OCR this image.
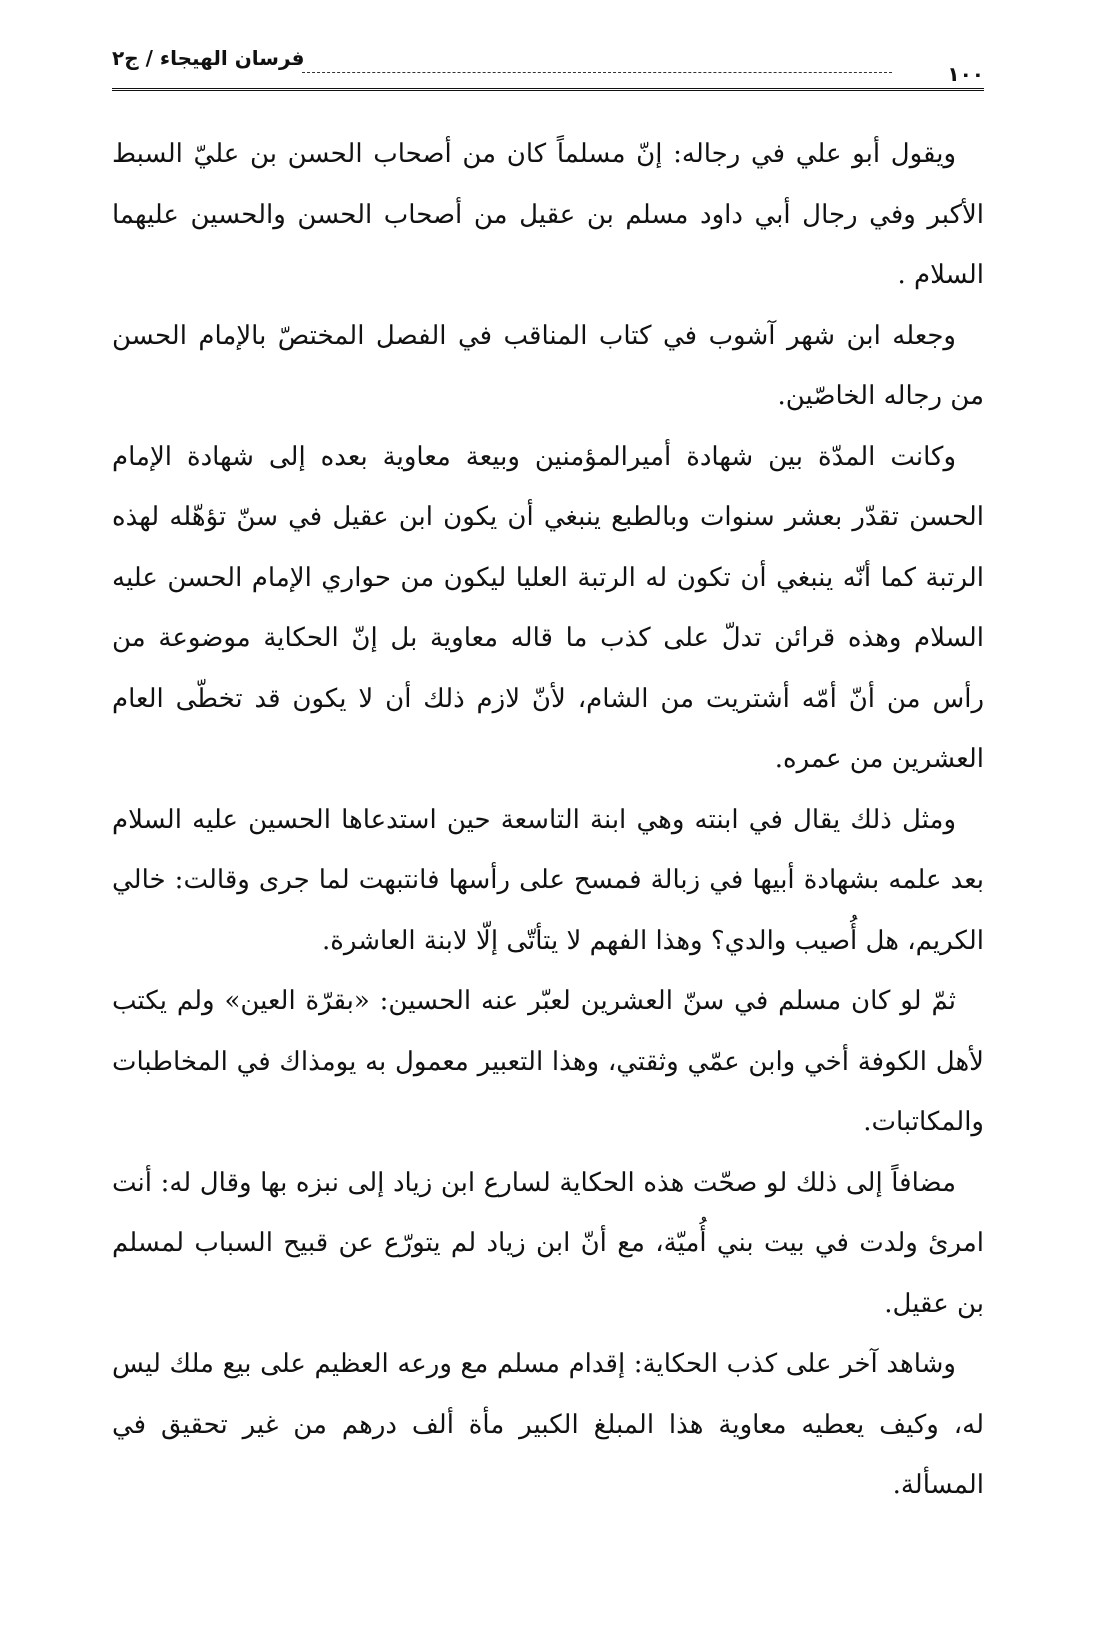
فرسان الهيجاء / ج٢
١٠٠

ويقول أبو علي في رجاله: إنّ مسلماً كان من أصحاب الحسن بن عليّ السبط الأكبر وفي رجال أبي داود مسلم بن عقيل من أصحاب الحسن والحسين عليهما السلام .

وجعله ابن شهر آشوب في كتاب المناقب في الفصل المختصّ بالإمام الحسن من رجاله الخاصّين.

وكانت المدّة بين شهادة أميرالمؤمنين وبيعة معاوية بعده إلى شهادة الإمام الحسن تقدّر بعشر سنوات وبالطبع ينبغي أن يكون ابن عقيل في سنّ تؤهّله لهذه الرتبة كما أنّه ينبغي أن تكون له الرتبة العليا ليكون من حواري الإمام الحسن عليه السلام وهذه قرائن تدلّ على كذب ما قاله معاوية بل إنّ الحكاية موضوعة من رأس من أنّ أمّه أشتريت من الشام، لأنّ لازم ذلك أن لا يكون قد تخطّى العام العشرين من عمره.

ومثل ذلك يقال في ابنته وهي ابنة التاسعة حين استدعاها الحسين عليه السلام بعد علمه بشهادة أبيها في زبالة فمسح على رأسها فانتبهت لما جرى وقالت: خالي الكريم، هل أُصيب والدي؟ وهذا الفهم لا يتأتّى إلّا لابنة العاشرة.

ثمّ لو كان مسلم في سنّ العشرين لعبّر عنه الحسين: «بقرّة العين» ولم يكتب لأهل الكوفة أخي وابن عمّي وثقتي، وهذا التعبير معمول به يومذاك في المخاطبات والمكاتبات.

مضافاً إلى ذلك لو صحّت هذه الحكاية لسارع ابن زياد إلى نبزه بها وقال له: أنت امرئ ولدت في بيت بني أُميّة، مع أنّ ابن زياد لم يتورّع عن قبيح السباب لمسلم بن عقيل.

وشاهد آخر على كذب الحكاية: إقدام مسلم مع ورعه العظيم على بيع ملك ليس له، وكيف يعطيه معاوية هذا المبلغ الكبير مأة ألف درهم من غير تحقيق في المسألة.
